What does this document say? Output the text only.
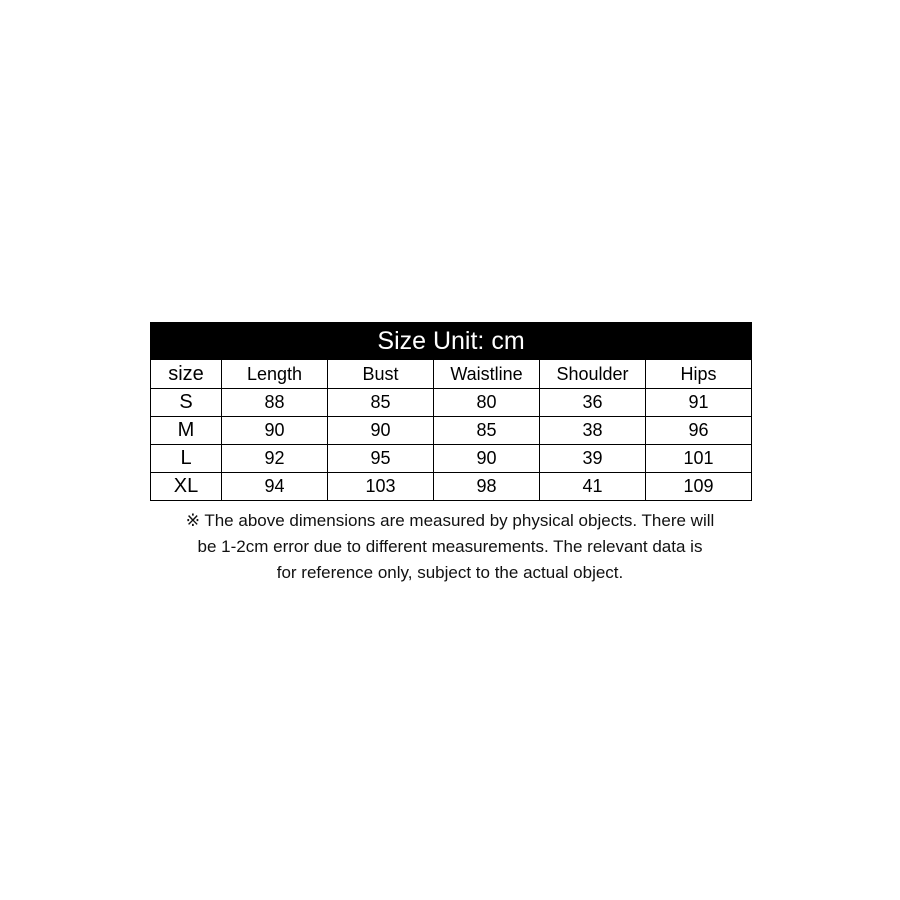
Size Unit: cm					
size	Length	Bust	Waistline	Shoulder	Hips
S	88	85	80	36	91
M	90	90	85	38	96
L	92	95	90	39	101
XL	94	103	98	41	109
※ The above dimensions are measured by physical objects. There will
be 1-2cm error due to different measurements. The relevant data is
for reference only, subject to the actual object.
